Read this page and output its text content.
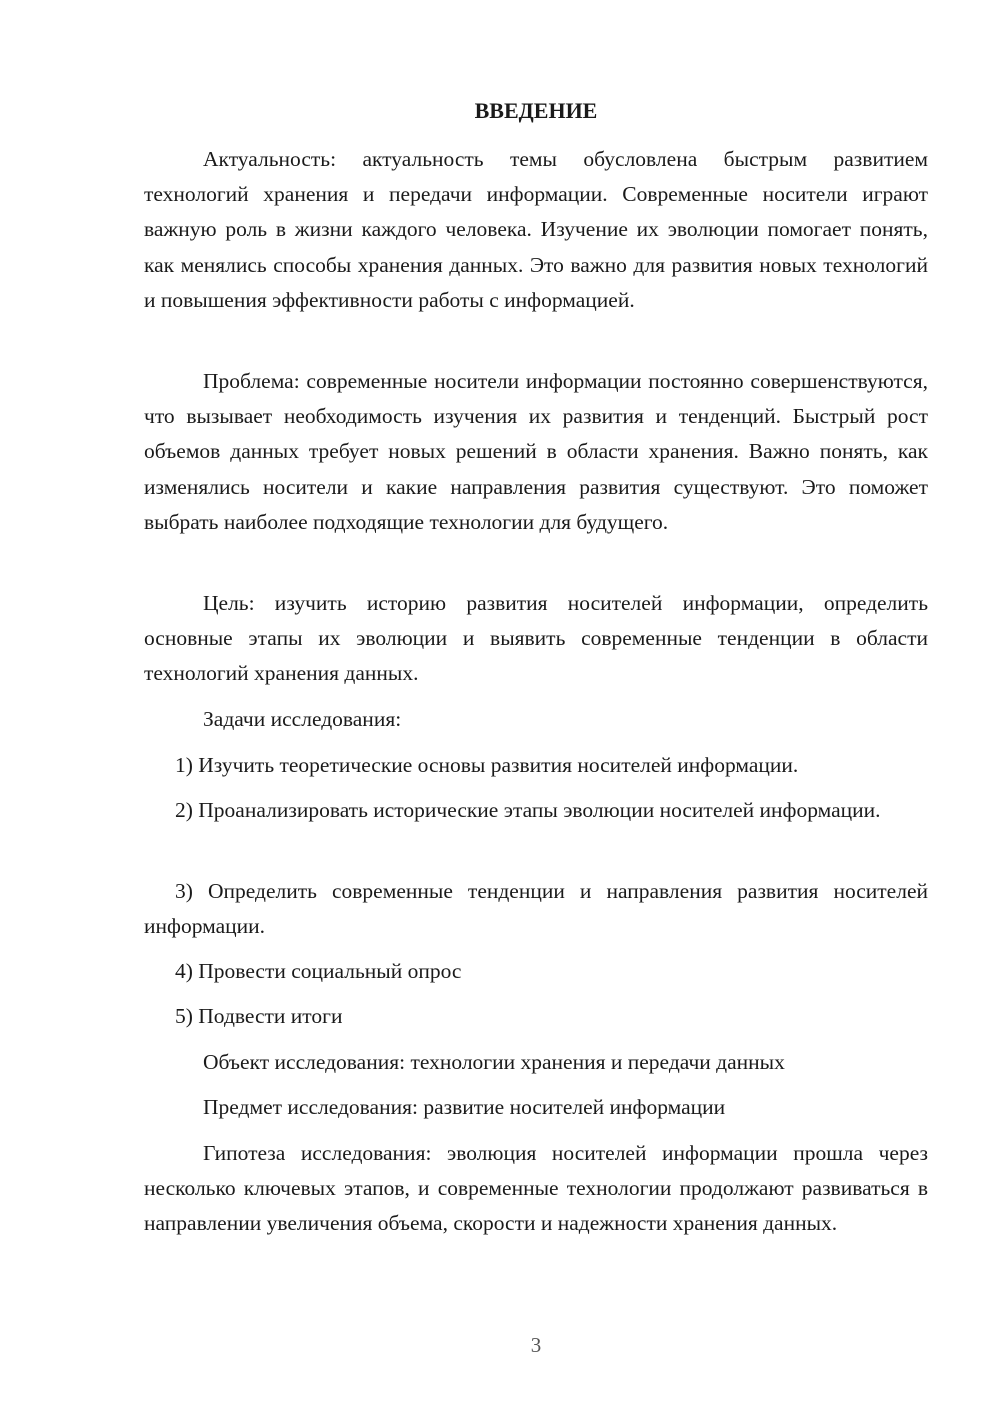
ВВЕДЕНИЕ

Актуальность: актуальность темы обусловлена быстрым развитием технологий хранения и передачи информации. Современные носители играют важную роль в жизни каждого человека. Изучение их эволюции помогает понять, как менялись способы хранения данных. Это важно для развития новых технологий и повышения эффективности работы с информацией.

Проблема: современные носители информации постоянно совершенствуются, что вызывает необходимость изучения их развития и тенденций. Быстрый рост объемов данных требует новых решений в области хранения. Важно понять, как изменялись носители и какие направления развития существуют. Это поможет выбрать наиболее подходящие технологии для будущего.

Цель: изучить историю развития носителей информации, определить основные этапы их эволюции и выявить современные тенденции в области технологий хранения данных.

Задачи исследования:

1) Изучить теоретические основы развития носителей информации.

2) Проанализировать исторические этапы эволюции носителей информации.

3) Определить современные тенденции и направления развития носителей информации.

4) Провести социальный опрос

5) Подвести итоги

Объект исследования: технологии хранения и передачи данных

Предмет исследования: развитие носителей информации

Гипотеза исследования: эволюция носителей информации прошла через несколько ключевых этапов, и современные технологии продолжают развиваться в направлении увеличения объема, скорости и надежности хранения данных.

3
